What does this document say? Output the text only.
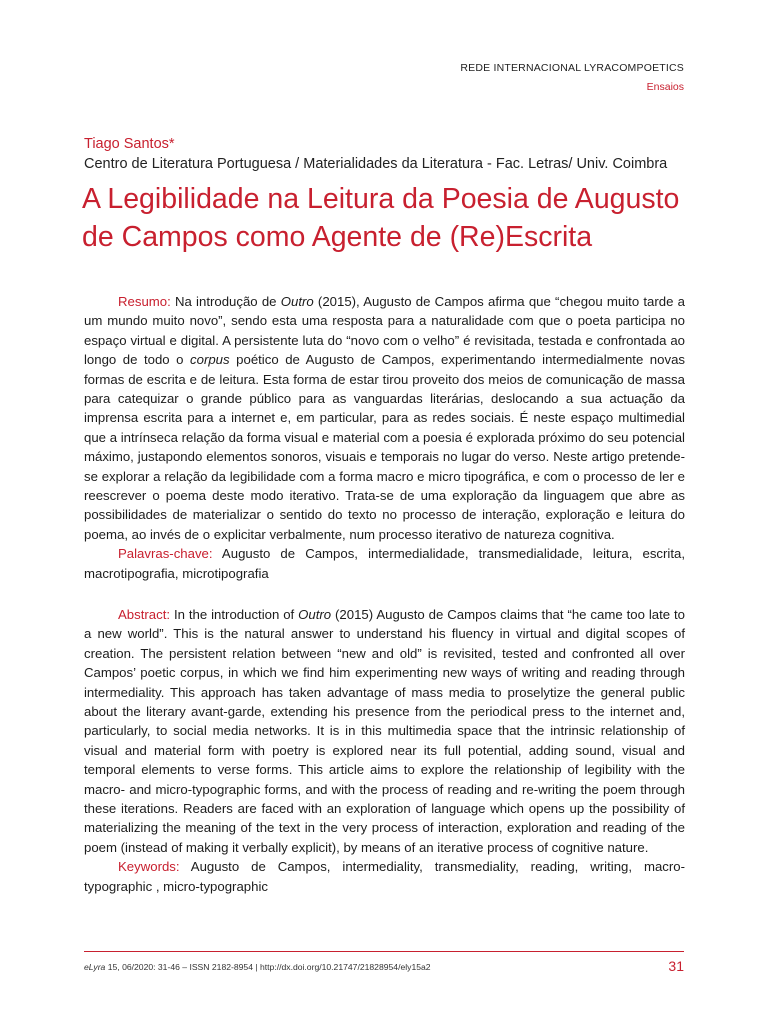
REDE INTERNACIONAL LYRACOMPOETICS
Ensaios
Tiago Santos*
Centro de Literatura Portuguesa / Materialidades da Literatura - Fac. Letras/ Univ. Coimbra
A Legibilidade na Leitura da Poesia de Augusto de Campos como Agente de (Re)Escrita

Resumo: Na introdução de Outro (2015), Augusto de Campos afirma que “chegou muito tarde a um mundo muito novo”, sendo esta uma resposta para a naturalidade com que o poeta participa no espaço virtual e digital. A persistente luta do “novo com o velho” é revisitada, testada e confrontada ao longo de todo o corpus poético de Augusto de Campos, experimentando intermedialmente novas formas de escrita e de leitura. Esta forma de estar tirou proveito dos meios de comunicação de massa para catequizar o grande público para as vanguardas literárias, deslocando a sua actuação da imprensa escrita para a internet e, em particular, para as redes sociais. É neste espaço multimedial que a intrínseca relação da forma visual e material com a poesia é explorada próximo do seu potencial máximo, justapondo elementos sonoros, visuais e temporais no lugar do verso. Neste artigo pretende-se explorar a relação da legibilidade com a forma macro e micro tipográfica, e com o processo de ler e reescrever o poema deste modo iterativo. Trata-se de uma exploração da linguagem que abre as possibilidades de materializar o sentido do texto no processo de interação, exploração e leitura do poema, ao invés de o explicitar verbalmente, num processo iterativo de natureza cognitiva.

Palavras-chave: Augusto de Campos, intermedialidade, transmedialidade, leitura, escrita, macrotipografia, microtipografia

Abstract: In the introduction of Outro (2015) Augusto de Campos claims that “he came too late to a new world”. This is the natural answer to understand his fluency in virtual and digital scopes of creation. The persistent relation between “new and old” is revisited, tested and confronted all over Campos’ poetic corpus, in which we find him experimenting new ways of writing and reading through intermediality. This approach has taken advantage of mass media to proselytize the general public about the literary avant-garde, extending his presence from the periodical press to the internet and, particularly, to social media networks. It is in this multimedia space that the intrinsic relationship of visual and material form with poetry is explored near its full potential, adding sound, visual and temporal elements to verse forms. This article aims to explore the relationship of legibility with the macro- and micro-typographic forms, and with the process of reading and re-writing the poem through these iterations. Readers are faced with an exploration of language which opens up the possibility of materializing the meaning of the text in the very process of interaction, exploration and reading of the poem (instead of making it verbally explicit), by means of an iterative process of cognitive nature.

Keywords: Augusto de Campos, intermediality, transmediality, reading, writing, macro-typographic , micro-typographic

eLyra 15, 06/2020: 31-46 – ISSN 2182-8954 | http://dx.doi.org/10.21747/21828954/ely15a2	31
